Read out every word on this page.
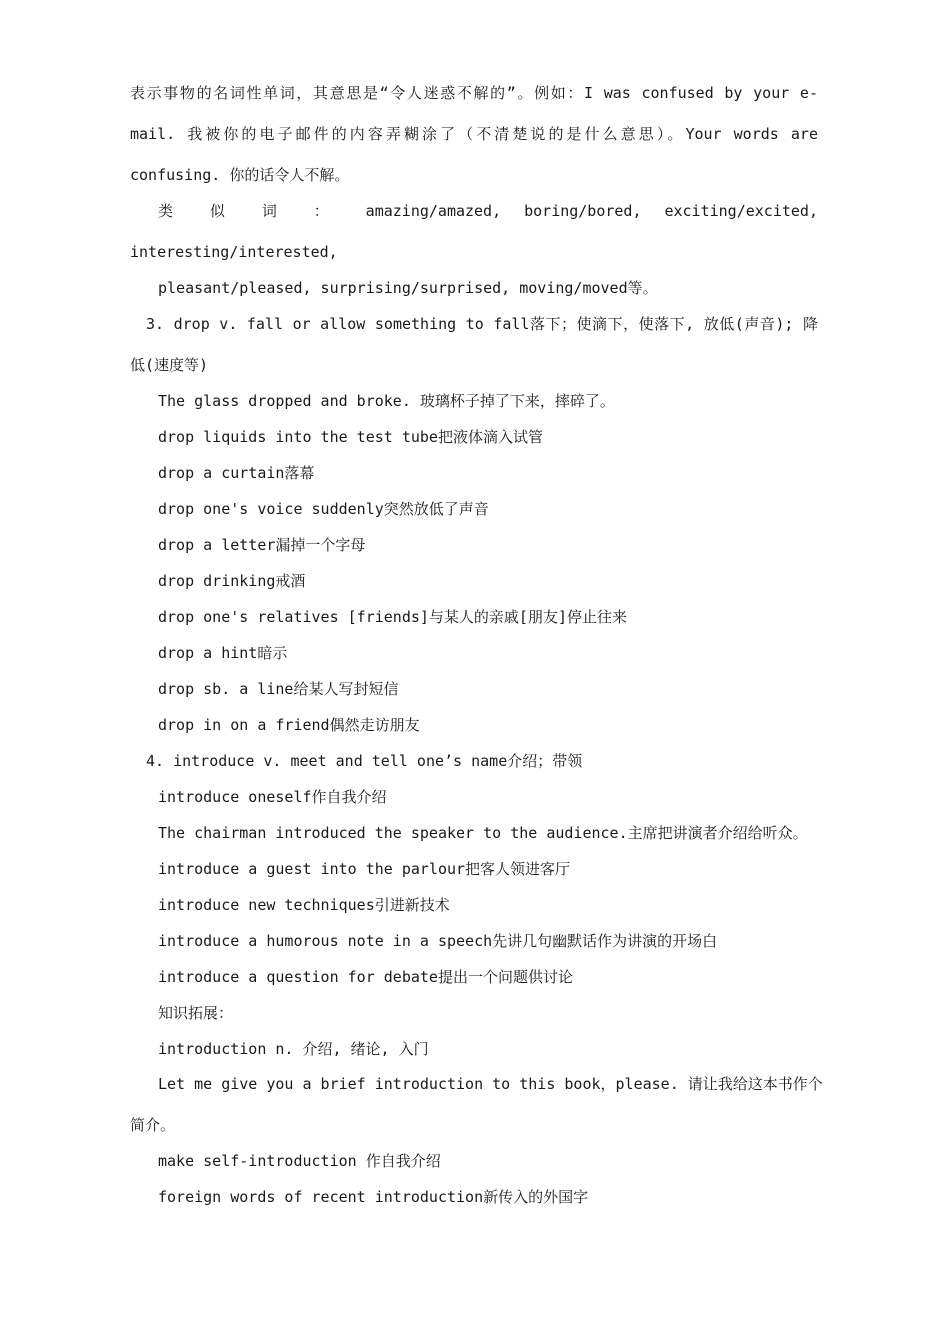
表示事物的名词性单词，其意思是“令人迷惑不解的”。例如：I was confused by your e-
mail. 我被你的电子邮件的内容弄糊涂了（不清楚说的是什么意思）。Your words are
confusing. 你的话令人不解。
类 似 词 ： amazing/amazed, boring/bored, exciting/excited,
interesting/interested,
pleasant/pleased, surprising/surprised, moving/moved等。
3. drop v. fall or allow something to fall落下；使滴下，使落下, 放低(声音); 降
低(速度等)
The glass dropped and broke. 玻璃杯子掉了下来，摔碎了。
drop liquids into the test tube把液体滴入试管
drop a curtain落幕
drop one's voice suddenly突然放低了声音
drop a letter漏掉一个字母
drop drinking戒酒
drop one's relatives [friends]与某人的亲戚[朋友]停止往来
drop a hint暗示
drop sb. a line给某人写封短信
drop in on a friend偶然走访朋友
4. introduce v. meet and tell one’s name介绍；带领
introduce oneself作自我介绍
The chairman introduced the speaker to the audience.主席把讲演者介绍给听众。
introduce a guest into the parlour把客人领进客厅
introduce new techniques引进新技术
introduce a humorous note in a speech先讲几句幽默话作为讲演的开场白
introduce a question for debate提出一个问题供讨论
知识拓展：
introduction n. 介绍, 绪论, 入门
Let me give you a brief introduction to this book，please. 请让我给这本书作个
简介。
make self-introduction 作自我介绍
foreign words of recent introduction新传入的外国字
